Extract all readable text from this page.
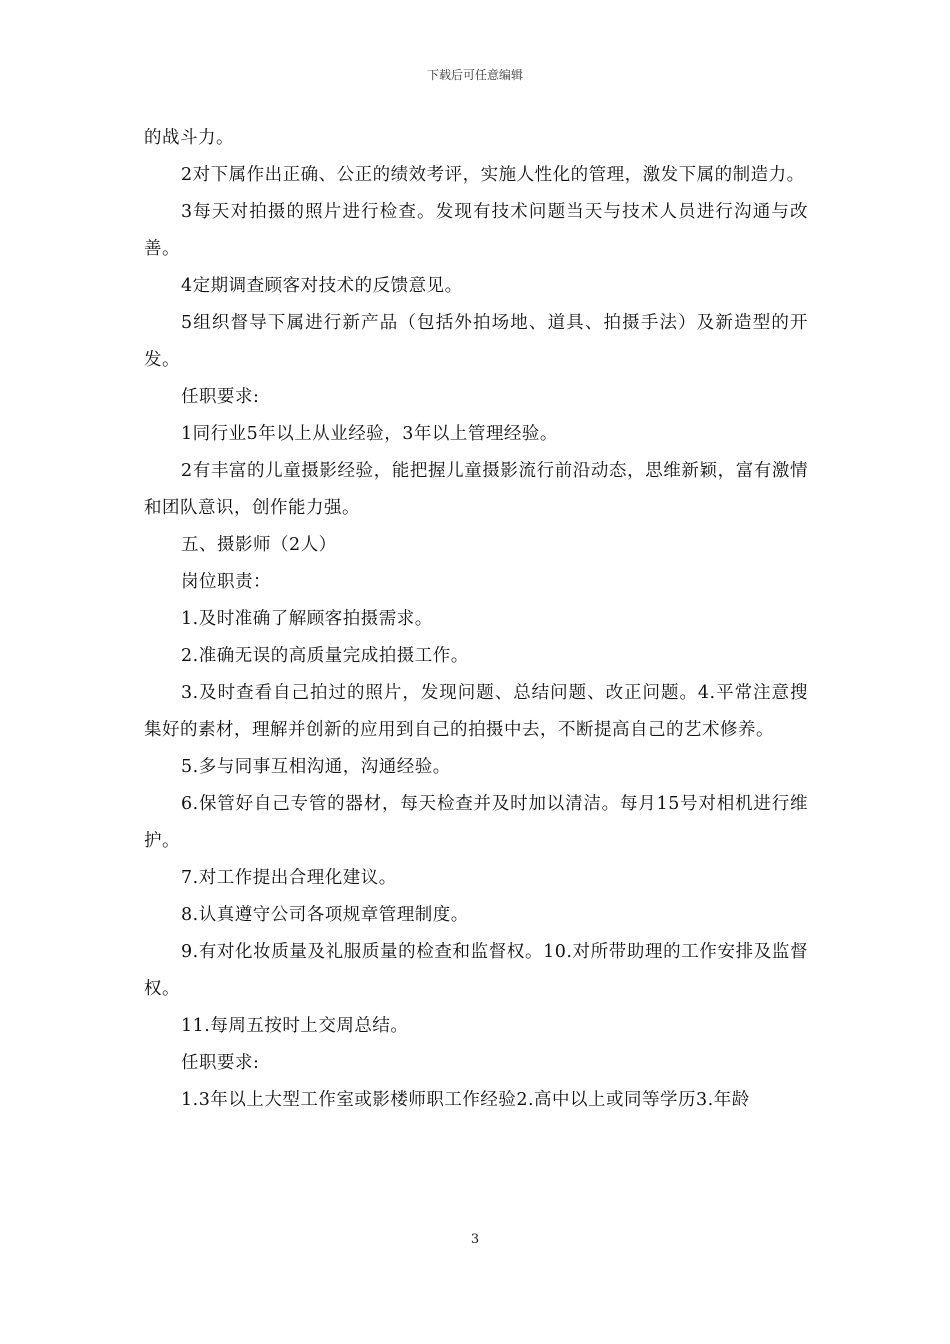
下载后可任意编辑

的战斗力。

2对下属作出正确、公正的绩效考评，实施人性化的管理，激发下属的制造力。

3每天对拍摄的照片进行检查。发现有技术问题当天与技术人员进行沟通与改善。

4定期调查顾客对技术的反馈意见。

5组织督导下属进行新产品（包括外拍场地、道具、拍摄手法）及新造型的开发。

任职要求:

1同行业5年以上从业经验，3年以上管理经验。

2有丰富的儿童摄影经验，能把握儿童摄影流行前沿动态，思维新颖，富有激情和团队意识，创作能力强。

五、摄影师（2人）

岗位职责：

1.及时准确了解顾客拍摄需求。

2.准确无误的高质量完成拍摄工作。

3.及时查看自己拍过的照片，发现问题、总结问题、改正问题。4.平常注意搜集好的素材，理解并创新的应用到自己的拍摄中去，不断提高自己的艺术修养。

5.多与同事互相沟通，沟通经验。

6.保管好自己专管的器材，每天检查并及时加以清洁。每月15号对相机进行维护。

7.对工作提出合理化建议。

8.认真遵守公司各项规章管理制度。

9.有对化妆质量及礼服质量的检查和监督权。10.对所带助理的工作安排及监督权。

11.每周五按时上交周总结。

任职要求:

1.3年以上大型工作室或影楼师职工作经验2.高中以上或同等学历3.年龄

3
